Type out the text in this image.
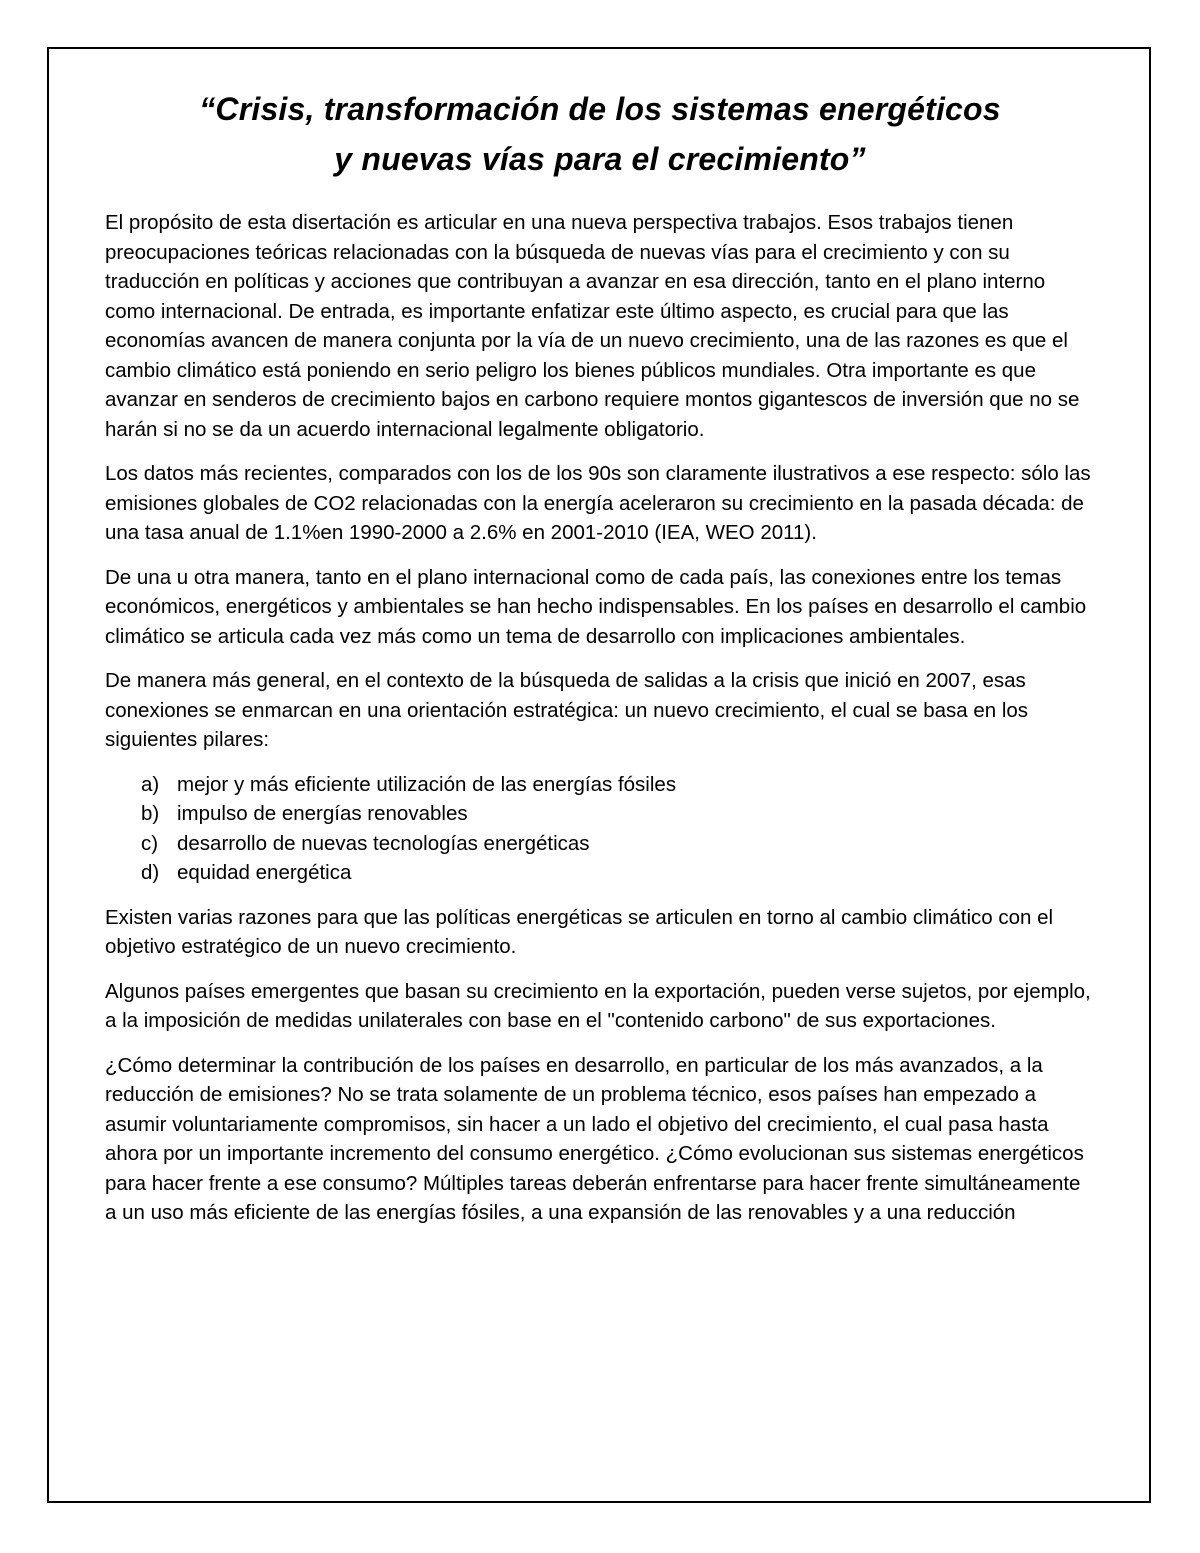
“Crisis, transformación de los sistemas energéticos
y nuevas vías para el crecimiento”

El propósito de esta disertación es articular en una nueva perspectiva trabajos. Esos trabajos tienen preocupaciones teóricas relacionadas con la búsqueda de nuevas vías para el crecimiento y con su traducción en políticas y acciones que contribuyan a avanzar en esa dirección, tanto en el plano interno como internacional. De entrada, es importante enfatizar este último aspecto, es crucial para que las economías avancen de manera conjunta por la vía de un nuevo crecimiento, una de las razones es que el cambio climático está poniendo en serio peligro los bienes públicos mundiales. Otra importante es que avanzar en senderos de crecimiento bajos en carbono requiere montos gigantescos de inversión que no se harán si no se da un acuerdo internacional legalmente obligatorio.

Los datos más recientes, comparados con los de los 90s son claramente ilustrativos a ese respecto: sólo las emisiones globales de CO2 relacionadas con la energía aceleraron su crecimiento en la pasada década: de una tasa anual de 1.1%en 1990-2000 a 2.6% en 2001-2010 (IEA, WEO 2011).

De una u otra manera, tanto en el plano internacional como de cada país, las conexiones entre los temas económicos, energéticos y ambientales se han hecho indispensables. En los países en desarrollo el cambio climático se articula cada vez más como un tema de desarrollo con implicaciones ambientales.

De manera más general, en el contexto de la búsqueda de salidas a la crisis que inició en 2007, esas conexiones se enmarcan en una orientación estratégica: un nuevo crecimiento, el cual se basa en los siguientes pilares:

a) mejor y más eficiente utilización de las energías fósiles
b) impulso de energías renovables
c) desarrollo de nuevas tecnologías energéticas
d) equidad energética

Existen varias razones para que las políticas energéticas se articulen en torno al cambio climático con el objetivo estratégico de un nuevo crecimiento.

Algunos países emergentes que basan su crecimiento en la exportación, pueden verse sujetos, por ejemplo, a la imposición de medidas unilaterales con base en el "contenido carbono" de sus exportaciones.

¿Cómo determinar la contribución de los países en desarrollo, en particular de los más avanzados, a la reducción de emisiones? No se trata solamente de un problema técnico, esos países han empezado a asumir voluntariamente compromisos, sin hacer a un lado el objetivo del crecimiento, el cual pasa hasta ahora por un importante incremento del consumo energético. ¿Cómo evolucionan sus sistemas energéticos para hacer frente a ese consumo? Múltiples tareas deberán enfrentarse para hacer frente simultáneamente a un uso más eficiente de las energías fósiles, a una expansión de las renovables y a una reducción
